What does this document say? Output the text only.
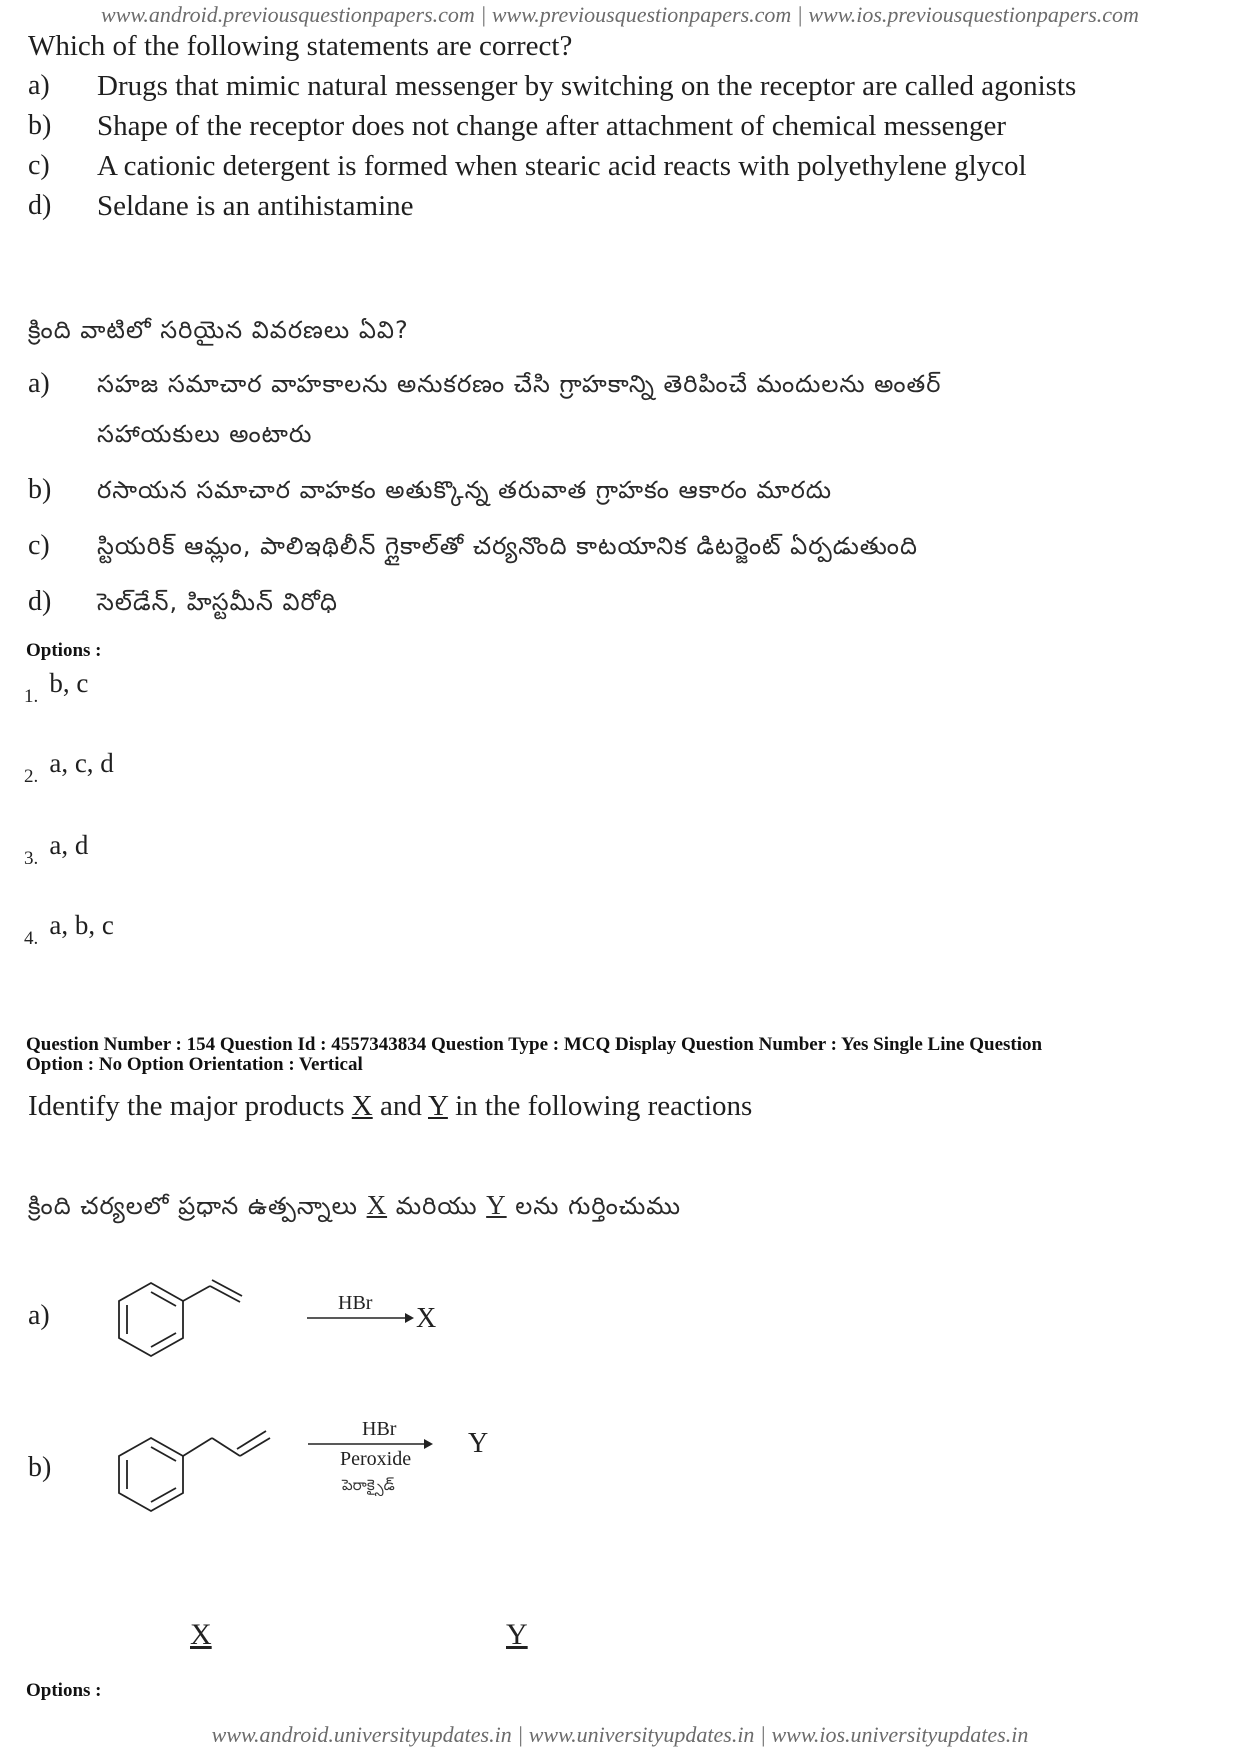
www.android.previousquestionpapers.com | www.previousquestionpapers.com | www.ios.previousquestionpapers.com
Which of the following statements are correct?
a) Drugs that mimic natural messenger by switching on the receptor are called agonists
b) Shape of the receptor does not change after attachment of chemical messenger
c) A cationic detergent is formed when stearic acid reacts with polyethylene glycol
d) Seldane is an antihistamine
క్రింది వాటిలో సరియైన వివరణలు ఏవి?
a) సహజ సమాచార వాహకాలను అనుకరణం చేసి గ్రాహకాన్ని తెరిపించే మందులను అంతర్
సహాయకులు అంటారు
b) రసాయన సమాచార వాహకం అతుక్కొన్న తరువాత గ్రాహకం ఆకారం మారదు
c) స్టియరిక్ ఆమ్లం, పాలిఇథిలీన్ గ్లైకాల్‌తో చర్యనొంది కాటయానిక డిటర్జెంట్ ఏర్పడుతుంది
d) సెల్‌డేన్, హిస్టమీన్ విరోధి
Options :
1. b, c
2. a, c, d
3. a, d
4. a, b, c
Question Number : 154 Question Id : 4557343834 Question Type : MCQ Display Question Number : Yes Single Line Question
Option : No Option Orientation : Vertical
Identify the major products X and Y in the following reactions
క్రింది చర్యలలో ప్రధాన ఉత్పన్నాలు X మరియు Y లను గుర్తించుము
a)	HBr X
b)
HBr
Peroxide
పెరాక్సైడ్
Y
X	Y
Options :
www.android.universityupdates.in | www.universityupdates.in | www.ios.universityupdates.in
